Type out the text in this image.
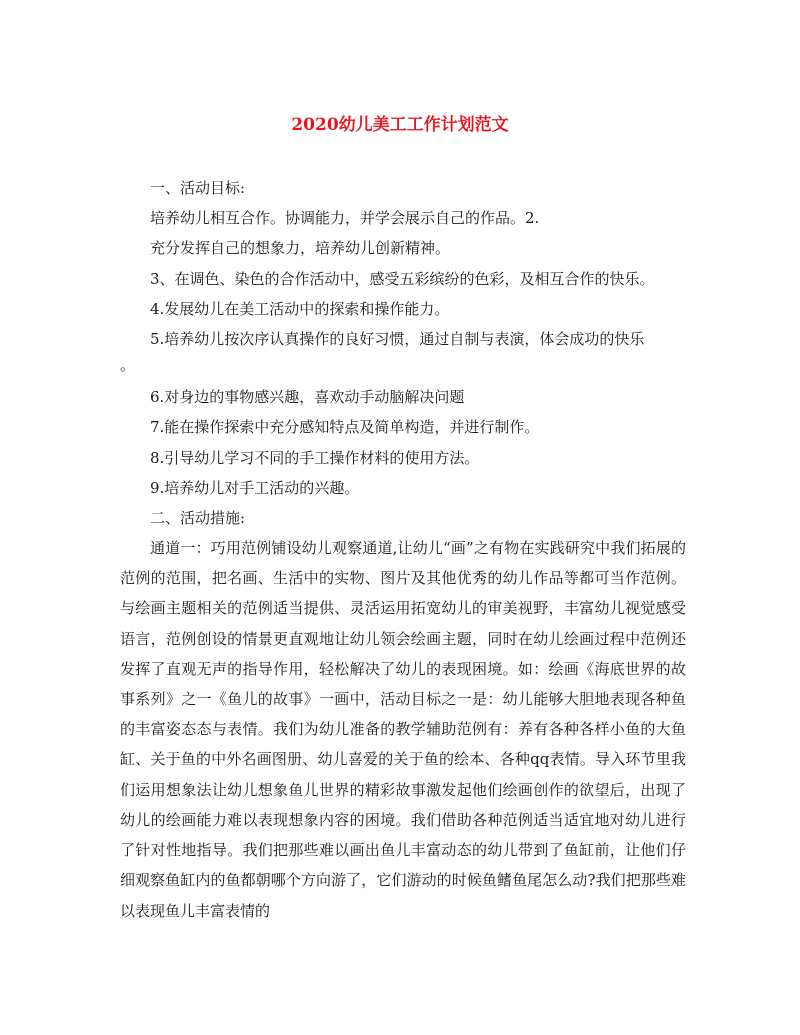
2020幼儿美工工作计划范文

一、活动目标:

培养幼儿相互合作。协调能力，并学会展示自己的作品。2.

充分发挥自己的想象力，培养幼儿创新精神。

3、在调色、染色的合作活动中，感受五彩缤纷的色彩，及相互合作的快乐。

4.发展幼儿在美工活动中的探索和操作能力。

5.培养幼儿按次序认真操作的良好习惯，通过自制与表演，体会成功的快乐

。

6.对身边的事物感兴趣，喜欢动手动脑解决问题

7.能在操作探索中充分感知特点及简单构造，并进行制作。

8.引导幼儿学习不同的手工操作材料的使用方法。

9.培养幼儿对手工活动的兴趣。

二、活动措施:

通道一：巧用范例铺设幼儿观察通道,让幼儿“画”之有物在实践研究中我们拓展的范例的范围，把名画、生活中的实物、图片及其他优秀的幼儿作品等都可当作范例。与绘画主题相关的范例适当提供、灵活运用拓宽幼儿的审美视野，丰富幼儿视觉感受语言，范例创设的情景更直观地让幼儿领会绘画主题，同时在幼儿绘画过程中范例还发挥了直观无声的指导作用，轻松解决了幼儿的表现困境。如：绘画《海底世界的故事系列》之一《鱼儿的故事》一画中，活动目标之一是：幼儿能够大胆地表现各种鱼的丰富姿态态与表情。我们为幼儿准备的教学辅助范例有：养有各种各样小鱼的大鱼缸、关于鱼的中外名画图册、幼儿喜爱的关于鱼的绘本、各种qq表情。导入环节里我们运用想象法让幼儿想象鱼儿世界的精彩故事激发起他们绘画创作的欲望后，出现了幼儿的绘画能力难以表现想象内容的困境。我们借助各种范例适当适宜地对幼儿进行了针对性地指导。我们把那些难以画出鱼儿丰富动态的幼儿带到了鱼缸前，让他们仔细观察鱼缸内的鱼都朝哪个方向游了，它们游动的时候鱼鳍鱼尾怎么动?我们把那些难以表现鱼儿丰富表情的
